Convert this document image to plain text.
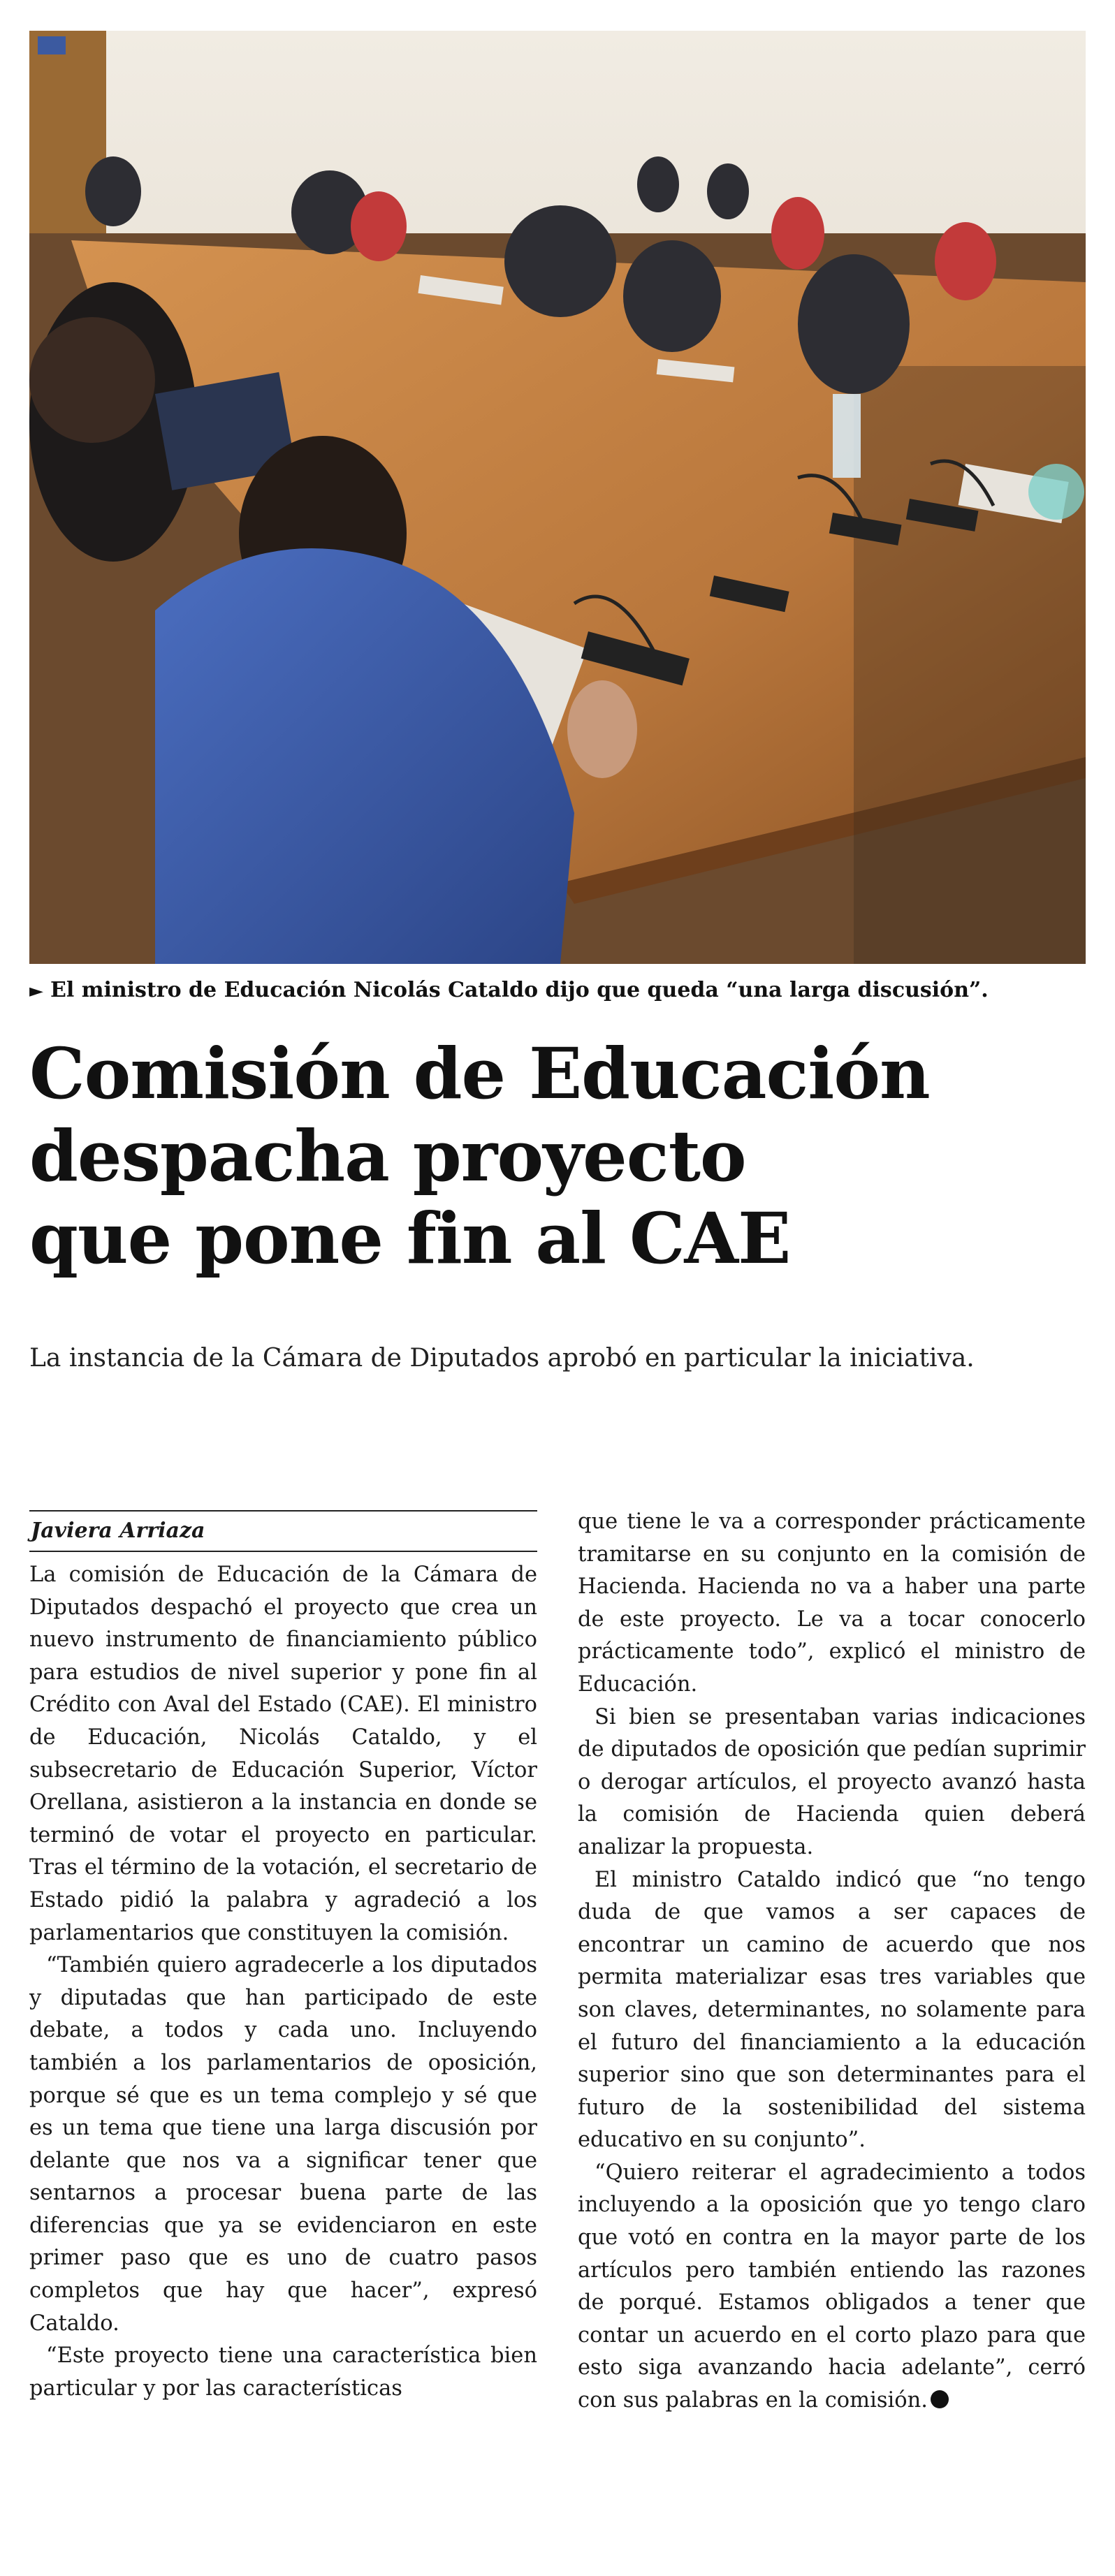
► El ministro de Educación Nicolás Cataldo dijo que queda “una larga discusión”.
Comisión de Educación
despacha proyecto
que pone fin al CAE
La instancia de la Cámara de Diputados aprobó en particular la iniciativa.
Javiera Arriaza

La comisión de Educación de la Cámara de Diputados despachó el proyecto que crea un nuevo instrumento de financiamiento público para estudios de nivel superior y pone fin al Crédito con Aval del Estado (CAE). El ministro de Educación, Nicolás Cataldo, y el subsecretario de Educación Superior, Víctor Orellana, asistieron a la instancia en donde se terminó de votar el proyecto en particular. Tras el término de la votación, el secretario de Estado pidió la palabra y agradeció a los parlamentarios que constituyen la comisión.

“También quiero agradecerle a los diputados y diputadas que han participado de este debate, a todos y cada uno. Incluyendo también a los parlamentarios de oposición, porque sé que es un tema complejo y sé que es un tema que tiene una larga discusión por delante que nos va a significar tener que sentarnos a procesar buena parte de las diferencias que ya se evidenciaron en este primer paso que es uno de cuatro pasos completos que hay que hacer”, expresó Cataldo.

“Este proyecto tiene una característica bien particular y por las características

que tiene le va a corresponder prácticamente tramitarse en su conjunto en la comisión de Hacienda. Hacienda no va a haber una parte de este proyecto. Le va a tocar conocerlo prácticamente todo”, explicó el ministro de Educación.

Si bien se presentaban varias indicaciones de diputados de oposición que pedían suprimir o derogar artículos, el proyecto avanzó hasta la comisión de Hacienda quien deberá analizar la propuesta.

El ministro Cataldo indicó que “no tengo duda de que vamos a ser capaces de encontrar un camino de acuerdo que nos permita materializar esas tres variables que son claves, determinantes, no solamente para el futuro del financiamiento a la educación superior sino que son determinantes para el futuro de la sostenibilidad del sistema educativo en su conjunto”.

“Quiero reiterar el agradecimiento a todos incluyendo a la oposición que yo tengo claro que votó en contra en la mayor parte de los artículos pero también entiendo las razones de porqué. Estamos obligados a tener que contar un acuerdo en el corto plazo para que esto siga avanzando hacia adelante”, cerró con sus palabras en la comisión.
